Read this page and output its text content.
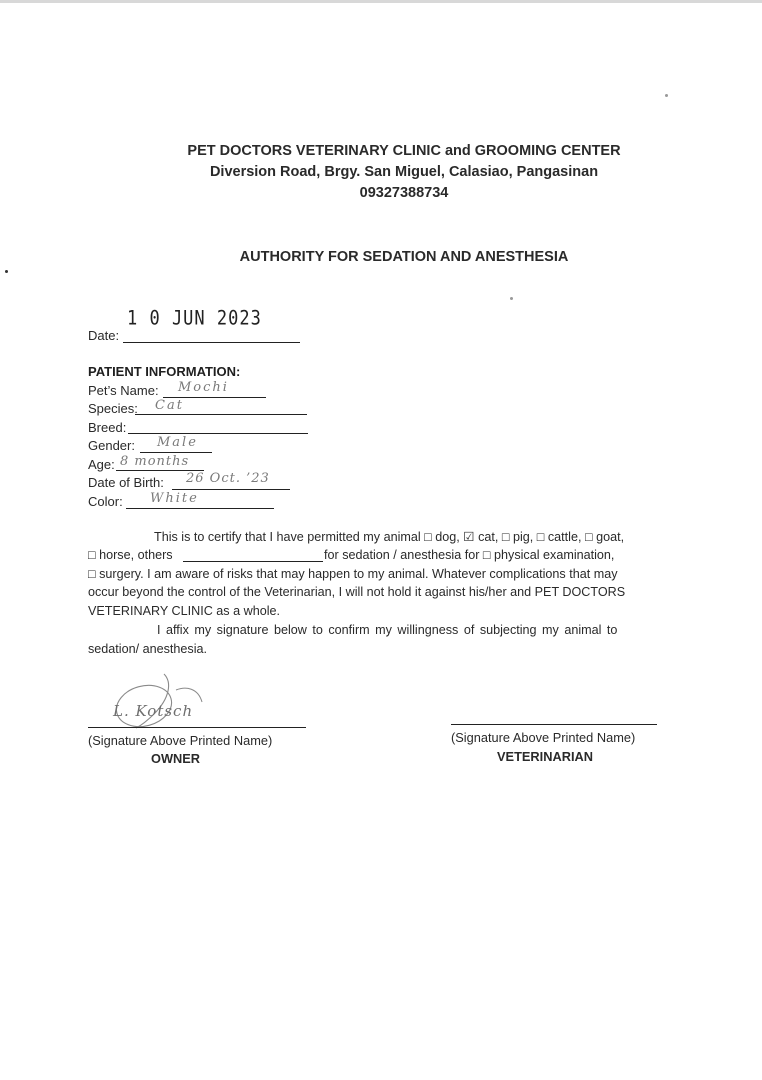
PET DOCTORS VETERINARY CLINIC and GROOMING CENTER
Diversion Road, Brgy. San Miguel, Calasiao, Pangasinan
09327388734
AUTHORITY FOR SEDATION AND ANESTHESIA
1 0 JUN 2023
Date:
PATIENT INFORMATION:
Pet’s Name: Mochi
Species: Cat
Breed:
Gender: Male
Age: 8 months
Date of Birth: 26 Oct. ’23
Color: White
This is to certify that I have permitted my animal □ dog, ☑ cat, □ pig, □ cattle, □ goat,
□ horse, others	for sedation / anesthesia for □ physical examination,
□ surgery. I am aware of risks that may happen to my animal. Whatever complications that may
occur beyond the control of the Veterinarian, I will not hold it against his/her and PET DOCTORS
VETERINARY CLINIC as a whole.
I affix my signature below to confirm my willingness of subjecting my animal to
sedation/ anesthesia.
L. Kotsch
(Signature Above Printed Name)
OWNER
(Signature Above Printed Name)
VETERINARIAN
